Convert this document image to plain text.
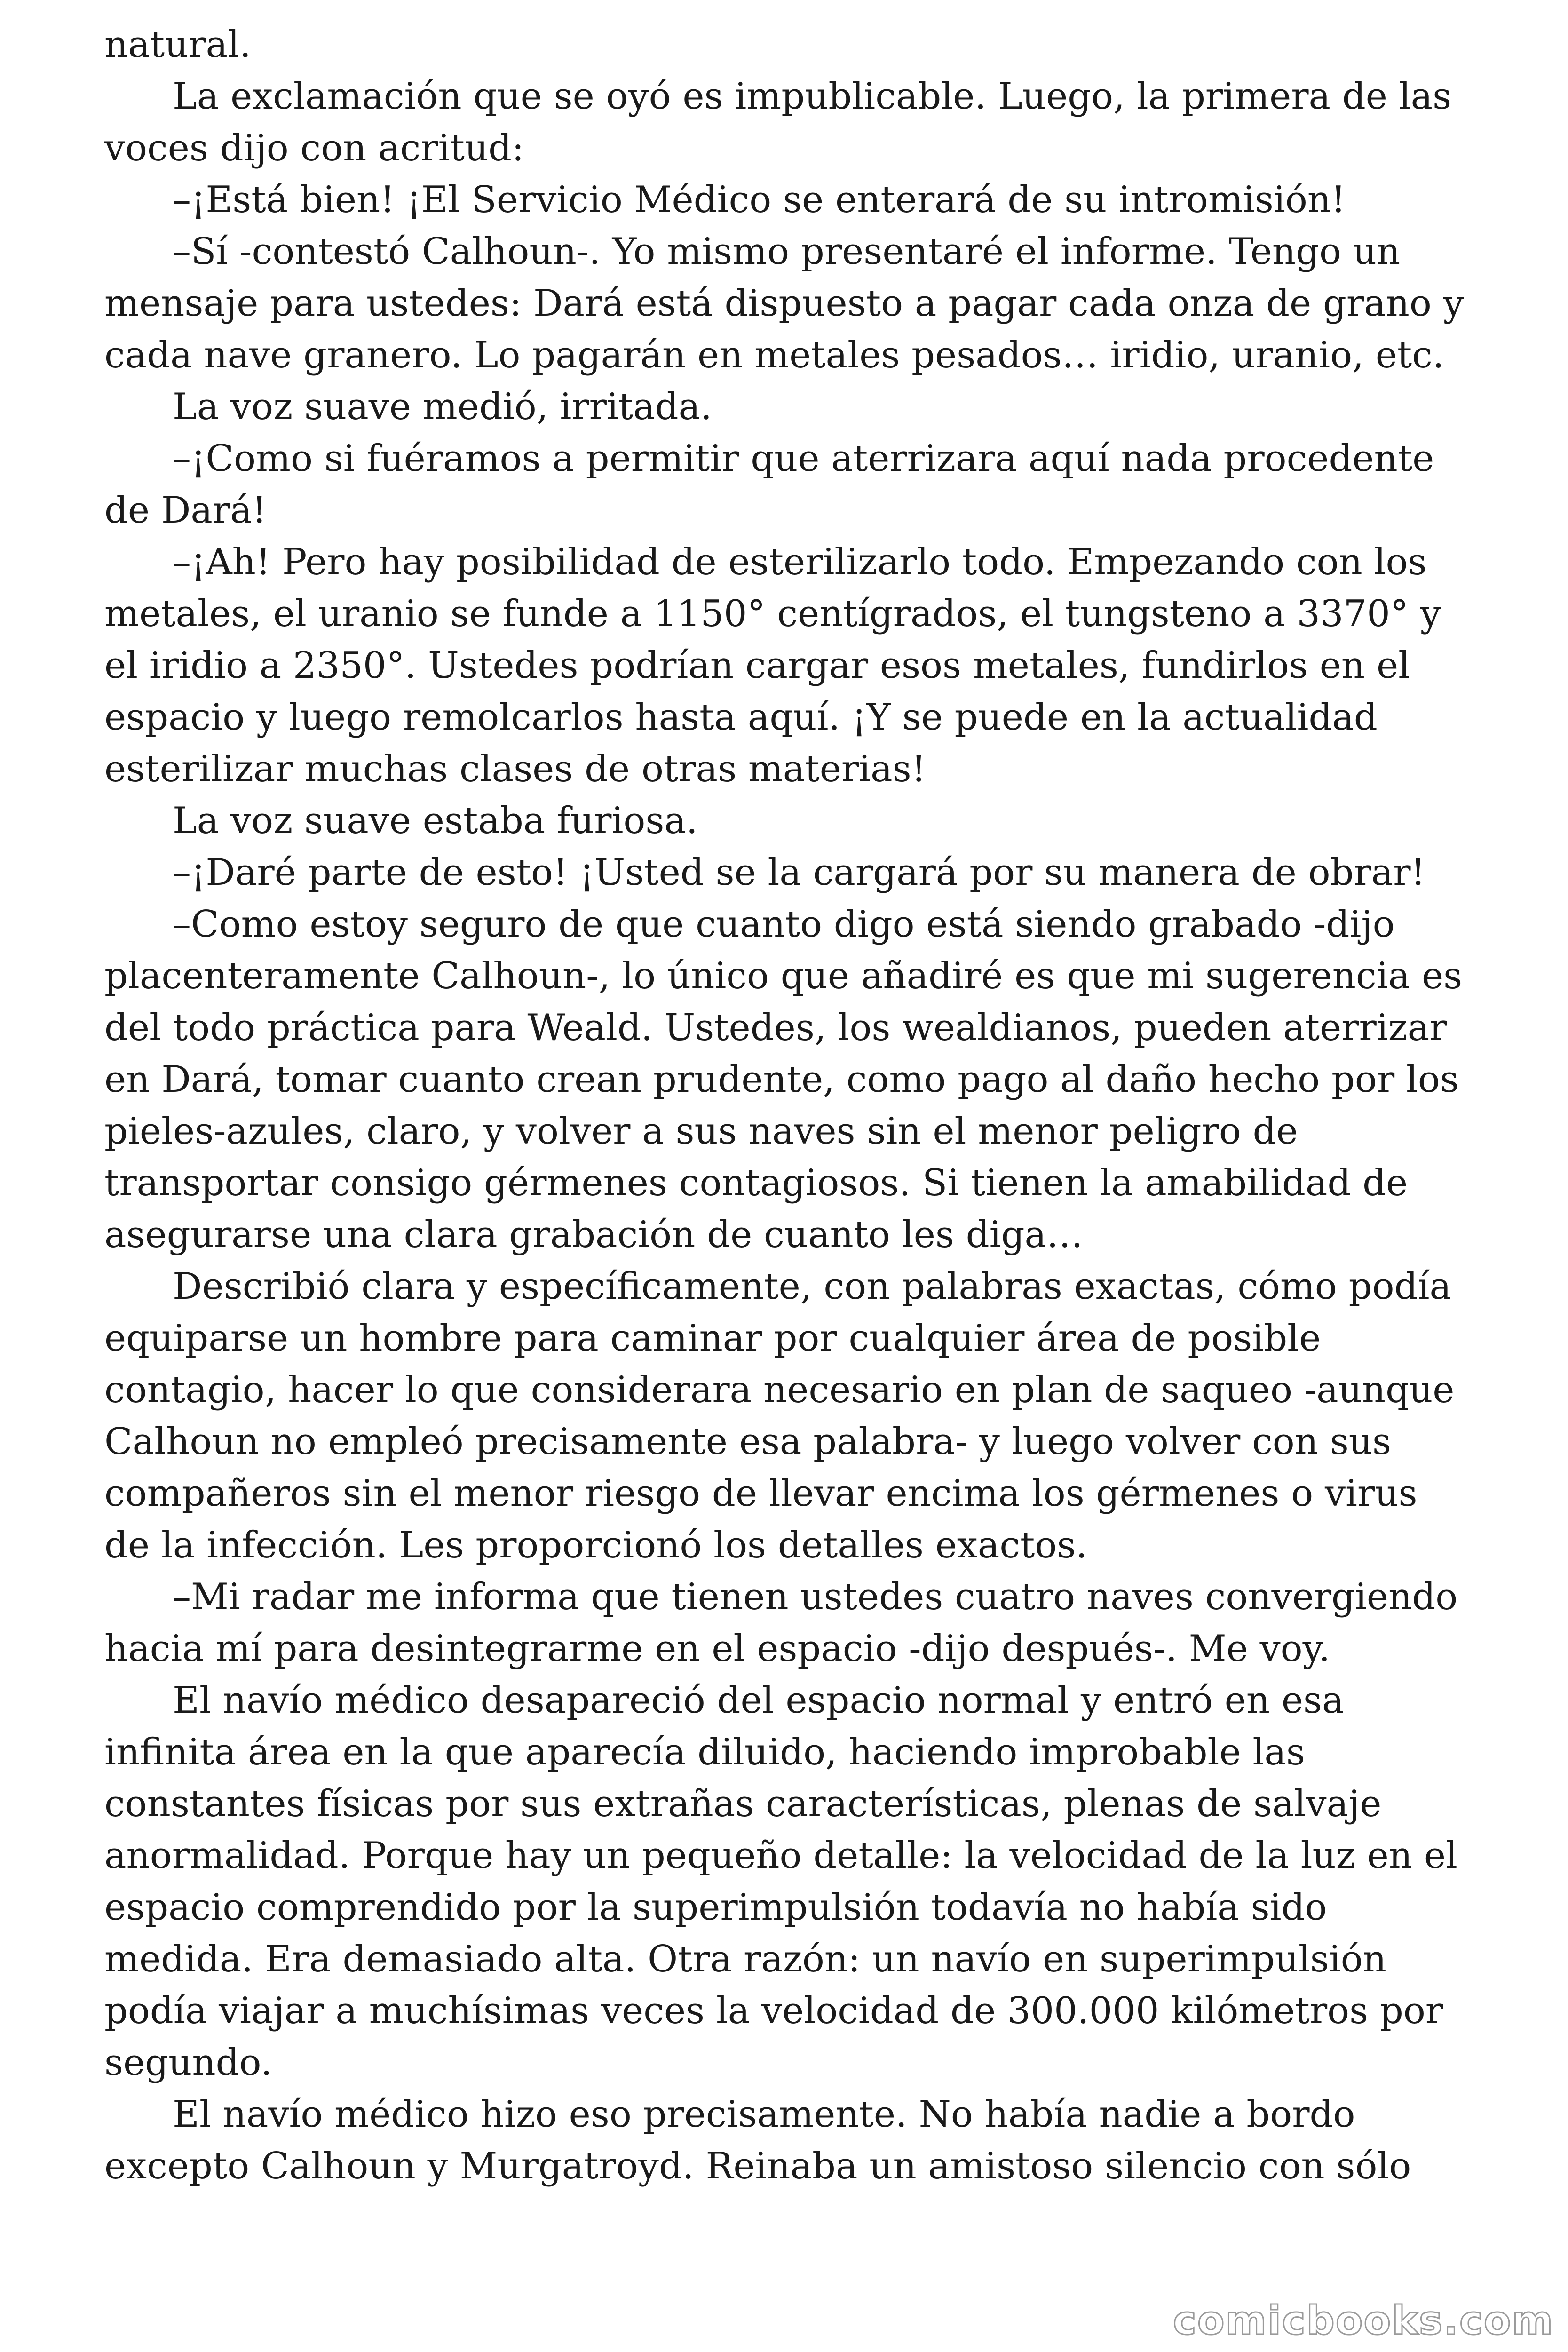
natural.

La exclamación que se oyó es impublicable. Luego, la primera de las voces dijo con acritud:

–¡Está bien! ¡El Servicio Médico se enterará de su intromisión!

–Sí -contestó Calhoun-. Yo mismo presentaré el informe. Tengo un mensaje para ustedes: Dará está dispuesto a pagar cada onza de grano y cada nave granero. Lo pagarán en metales pesados… iridio, uranio, etc.

La voz suave medió, irritada.

–¡Como si fuéramos a permitir que aterrizara aquí nada procedente de Dará!

–¡Ah! Pero hay posibilidad de esterilizarlo todo. Empezando con los metales, el uranio se funde a 1150° centígrados, el tungsteno a 3370° y el iridio a 2350°. Ustedes podrían cargar esos metales, fundirlos en el espacio y luego remolcarlos hasta aquí. ¡Y se puede en la actualidad esterilizar muchas clases de otras materias!

La voz suave estaba furiosa.

–¡Daré parte de esto! ¡Usted se la cargará por su manera de obrar!

–Como estoy seguro de que cuanto digo está siendo grabado -dijo placenteramente Calhoun-, lo único que añadiré es que mi sugerencia es del todo práctica para Weald. Ustedes, los wealdianos, pueden aterrizar en Dará, tomar cuanto crean prudente, como pago al daño hecho por los pieles-azules, claro, y volver a sus naves sin el menor peligro de transportar consigo gérmenes contagiosos. Si tienen la amabilidad de asegurarse una clara grabación de cuanto les diga…

Describió clara y específicamente, con palabras exactas, cómo podía equiparse un hombre para caminar por cualquier área de posible contagio, hacer lo que considerara necesario en plan de saqueo -aunque Calhoun no empleó precisamente esa palabra- y luego volver con sus compañeros sin el menor riesgo de llevar encima los gérmenes o virus de la infección. Les proporcionó los detalles exactos.

–Mi radar me informa que tienen ustedes cuatro naves convergiendo hacia mí para desintegrarme en el espacio -dijo después-. Me voy.

El navío médico desapareció del espacio normal y entró en esa infinita área en la que aparecía diluido, haciendo improbable las constantes físicas por sus extrañas características, plenas de salvaje anormalidad. Porque hay un pequeño detalle: la velocidad de la luz en el espacio comprendido por la superimpulsión todavía no había sido medida. Era demasiado alta. Otra razón: un navío en superimpulsión podía viajar a muchísimas veces la velocidad de 300.000 kilómetros por segundo.

El navío médico hizo eso precisamente. No había nadie a bordo excepto Calhoun y Murgatroyd. Reinaba un amistoso silencio con sólo

comicbooks.com
